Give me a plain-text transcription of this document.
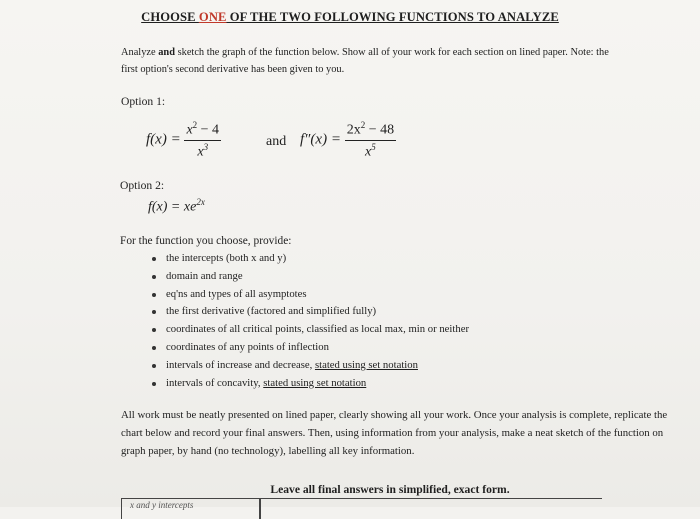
CHOOSE ONE OF THE TWO FOLLOWING FUNCTIONS TO ANALYZE
Analyze and sketch the graph of the function below. Show all of your work for each section on lined paper. Note: the first option's second derivative has been given to you.
Option 1:
$f(x) = \frac{x^2 - 4}{x^3}$	and $f''(x) = \frac{2x^2 - 48}{x^5}$
Option 2:
$f(x) = xe^{2x}$
For the function you choose, provide:
the intercepts (both x and y)
domain and range
eq'ns and types of all asymptotes
the first derivative (factored and simplified fully)
coordinates of all critical points, classified as local max, min or neither
coordinates of any points of inflection
intervals of increase and decrease, stated using set notation
intervals of concavity, stated using set notation
All work must be neatly presented on lined paper, clearly showing all your work. Once your analysis is complete, replicate the chart below and record your final answers. Then, using information from your analysis, make a neat sketch of the function on graph paper, by hand (no technology), labelling all key information.
Leave all final answers in simplified, exact form.
x and y intercepts
